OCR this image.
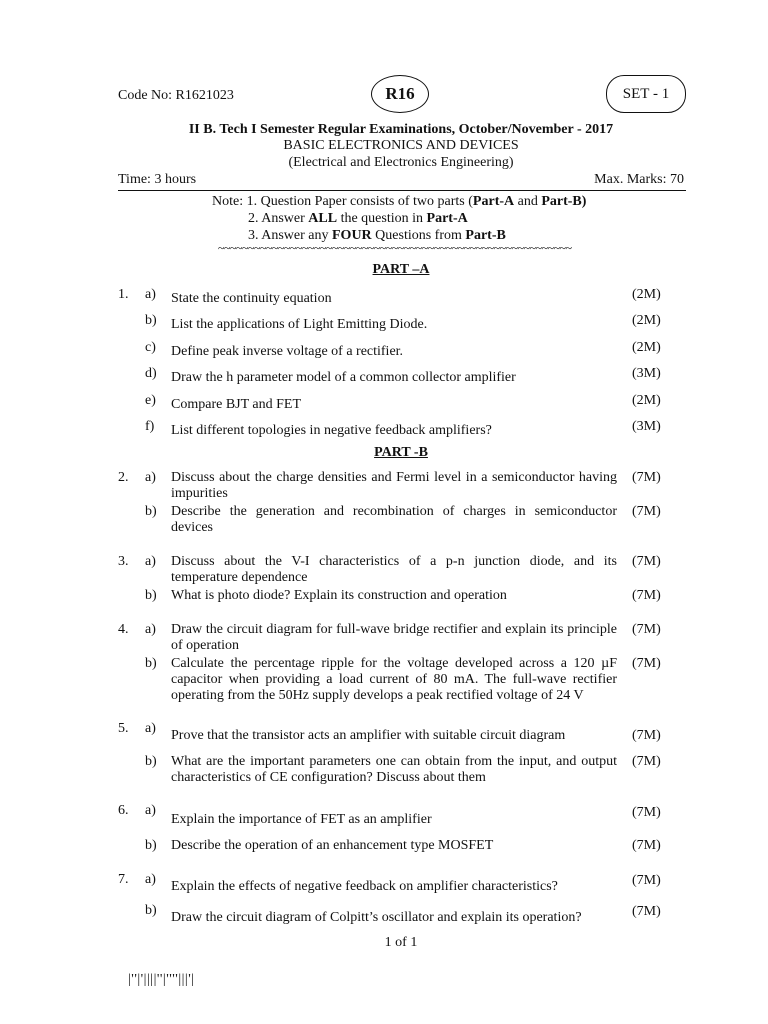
Code No: R1621023	R16	SET - 1
II B. Tech I Semester Regular Examinations, October/November - 2017
BASIC ELECTRONICS AND DEVICES
(Electrical and Electronics Engineering)
Time: 3 hours	Max. Marks: 70
Note: 1. Question Paper consists of two parts (Part-A and Part-B)
2. Answer ALL the question in Part-A
3. Answer any FOUR Questions from Part-B
~~~~~~~~~~~~~~~~~~~~~~~~~~~~~~~~~~~~~~~~~~~~~~~~~~~~~~~~~~~
PART –A
1. a) State the continuity equation	(2M)
b) List the applications of Light Emitting Diode.	(2M)
c) Define peak inverse voltage of a rectifier.	(2M)
d) Draw the h parameter model of a common collector amplifier	(3M)
e) Compare BJT and FET	(2M)
f) List different topologies in negative feedback amplifiers?	(3M)
PART -B
2. a) Discuss about the charge densities and Fermi level in a semiconductor having impurities
(7M)
b) Describe the generation and recombination of charges in semiconductor devices
(7M)
3. a) Discuss about the V-I characteristics of a p-n junction diode, and its temperature dependence
(7M)
b) What is photo diode? Explain its construction and operation	(7M)
4. a) Draw the circuit diagram for full-wave bridge rectifier and explain its principle of operation
(7M)
b) Calculate the percentage ripple for the voltage developed across a 120 µF capacitor when providing a load current of 80 mA. The full-wave rectifier operating from the 50Hz supply develops a peak rectified voltage of 24 V
(7M)
5. a) Prove that the transistor acts an amplifier with suitable circuit diagram	(7M)
b) What are the important parameters one can obtain from the input, and output characteristics of CE configuration? Discuss about them
(7M)
6. a)
Explain the importance of FET as an amplifier	(7M)
b) Describe the operation of an enhancement type MOSFET	(7M)
7. a) Explain the effects of negative feedback on amplifier characteristics?	(7M)
b) Draw the circuit diagram of Colpitt’s oscillator and explain its operation?	(7M)
1 of 1
|''|'||||''|''''|||'|
